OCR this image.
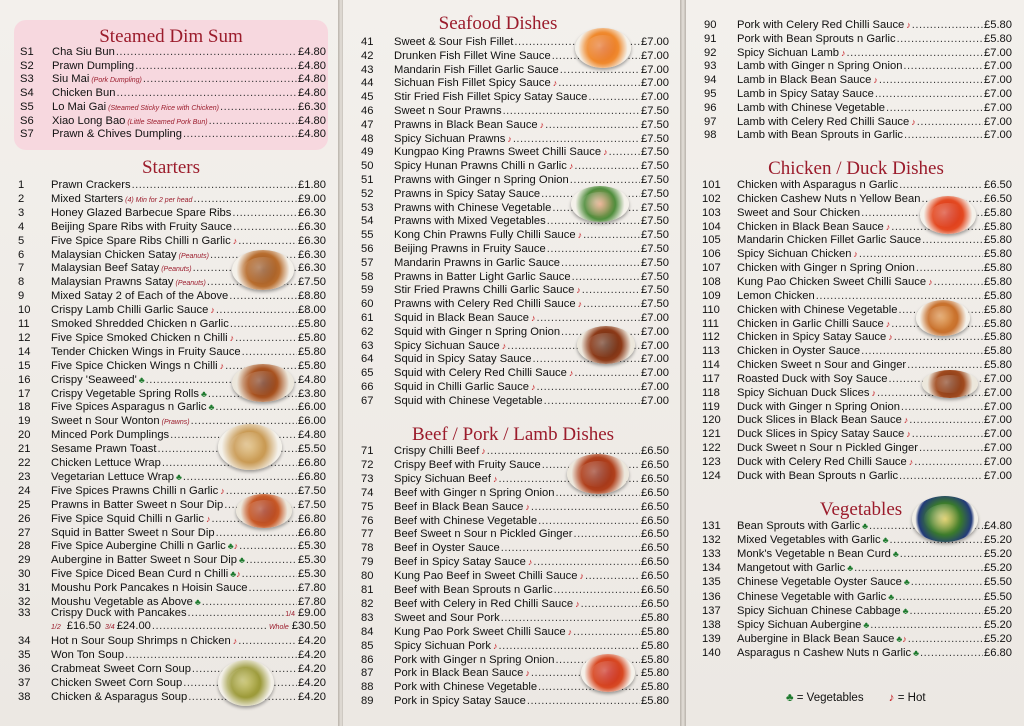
Steamed Dim Sum
S1	Cha Siu Bun .....	£4.80
S2	Prawn Dumpling .....	£4.80
S3	Siu Mai (Pork Dumpling) .....	£4.80
S4	Chicken Bun .....	£4.80
S5	Lo Mai Gai (Steamed Sticky Rice with Chicken) .....	£6.30
S6	Xiao Long Bao (Little Steamed Pork Bun) .....	£4.80
S7	Prawn & Chives Dumpling .....	£4.80
Starters
1	Prawn Crackers .....	£1.80
2	Mixed Starters (4) Min for 2 per head .....	£9.00
3	Honey Glazed Barbecue Spare Ribs .....	£6.30
4	Beijing Spare Ribs with Fruity Sauce .....	£6.30
5	Five Spice Spare Ribs Chilli n Garlic ♪ .....	£6.30
6	Malaysian Chicken Satay (Peanuts) .....	£6.30
7	Malaysian Beef Satay (Peanuts) .....	£6.30
8	Malaysian Prawns Satay (Peanuts) .....	£7.50
9	Mixed Satay 2 of Each of the Above .....	£8.80
10	Crispy Lamb Chilli Garlic Sauce ♪ .....	£8.00
11	Smoked Shredded Chicken n Garlic .....	£5.80
12	Five Spice Smoked Chicken n Chilli ♪ .....	£5.80
14	Tender Chicken Wings in Fruity Sauce .....	£5.80
15	Five Spice Chicken Wings n Chilli ♪ .....	£5.80
16	Crispy 'Seaweed' ♣ .....	£4.80
17	Crispy Vegetable Spring Rolls ♣ .....	£3.80
18	Five Spices Asparagus n Garlic ♣ .....	£6.00
19	Sweet n Sour Wonton (Prawns) .....	£6.00
20	Minced Pork Dumplings .....	£4.80
21	Sesame Prawn Toast .....	£5.50
22	Chicken Lettuce Wrap .....	£6.80
23	Vegetarian Lettuce Wrap ♣ .....	£6.80
24	Five Spices Prawns Chilli n Garlic ♪ .....	£7.50
25	Prawns in Batter Sweet n Sour Dip .....	£7.50
26	Five Spice Squid Chilli n Garlic ♪ .....	£6.80
27	Squid in Batter Sweet n Sour Dip .....	£6.80
28	Five Spice Aubergine Chilli n Garlic ♣♪ .....	£5.30
29	Aubergine in Batter Sweet n Sour Dip ♣ .....	£5.30
30	Five Spice Diced Bean Curd n Chilli ♣♪ .....	£5.30
31	Moushu Pork Pancakes n Hoisin Sauce .....	£7.80
32	Moushu Vegetable as Above ♣ .....	£7.80
33	Crispy Duck with Pancakes .....	1/4 £9.00
1/2 £16.50 3/4 £24.00 .....	Whole £30.50
34	Hot n Sour Soup Shrimps n Chicken ♪ .....	£4.20
35	Won Ton Soup .....	£4.20
36	Crabmeat Sweet Corn Soup .....	£4.20
37	Chicken Sweet Corn Soup .....	£4.20
38	Chicken & Asparagus Soup .....	£4.20
Seafood Dishes
41	Sweet & Sour Fish Fillet .....	£7.00
42	Drunken Fish Fillet Wine Sauce .....	£7.00
43	Mandarin Fish Fillet Garlic Sauce .....	£7.00
44	Sichuan Fish Fillet Spicy Sauce ♪ .....	£7.00
45	Stir Fried Fish Fillet Spicy Satay Sauce .....	£7.00
46	Sweet n Sour Prawns .....	£7.50
47	Prawns in Black Bean Sauce ♪ .....	£7.50
48	Spicy Sichuan Prawns ♪ .....	£7.50
49	Kungpao King Prawns Sweet Chilli Sauce ♪ .....	£7.50
50	Spicy Hunan Prawns Chilli n Garlic ♪ .....	£7.50
51	Prawns with Ginger n Spring Onion .....	£7.50
52	Prawns in Spicy Satay Sauce .....	£7.50
53	Prawns with Chinese Vegetable .....	£7.50
54	Prawns with Mixed Vegetables .....	£7.50
55	Kong Chin Prawns Fully Chilli Sauce ♪ .....	£7.50
56	Beijing Prawns in Fruity Sauce .....	£7.50
57	Mandarin Prawns in Garlic Sauce .....	£7.50
58	Prawns in Batter Light Garlic Sauce .....	£7.50
59	Stir Fried Prawns Chilli Garlic Sauce ♪ .....	£7.50
60	Prawns with Celery Red Chilli Sauce ♪ .....	£7.50
61	Squid in Black Bean Sauce ♪ .....	£7.00
62	Squid with Ginger n Spring Onion .....	£7.00
63	Spicy Sichuan Sauce ♪ .....	£7.00
64	Squid in Spicy Satay Sauce .....	£7.00
65	Squid with Celery Red Chilli Sauce ♪ .....	£7.00
66	Squid in Chilli Garlic Sauce ♪ .....	£7.00
67	Squid with Chinese Vegetable .....	£7.00
Beef / Pork / Lamb Dishes
71	Crispy Chilli Beef ♪ .....	£6.50
72	Crispy Beef with Fruity Sauce .....	£6.50
73	Spicy Sichuan Beef ♪ .....	£6.50
74	Beef with Ginger n Spring Onion .....	£6.50
75	Beef in Black Bean Sauce ♪ .....	£6.50
76	Beef with Chinese Vegetable .....	£6.50
77	Beef Sweet n Sour n Pickled Ginger .....	£6.50
78	Beef in Oyster Sauce .....	£6.50
79	Beef in Spicy Satay Sauce ♪ .....	£6.50
80	Kung Pao Beef in Sweet Chilli Sauce ♪ .....	£6.50
81	Beef with Bean Sprouts n Garlic .....	£6.50
82	Beef with Celery in Red Chilli Sauce ♪ .....	£6.50
83	Sweet and Sour Pork .....	£5.80
84	Kung Pao Pork Sweet Chilli Sauce ♪ .....	£5.80
85	Spicy Sichuan Pork ♪ .....	£5.80
86	Pork with Ginger n Spring Onion .....	£5.80
87	Pork in Black Bean Sauce ♪ .....	£5.80
88	Pork with Chinese Vegetable .....	£5.80
89	Pork in Spicy Satay Sauce .....	£5.80
90	Pork with Celery Red Chilli Sauce ♪ .....	£5.80
91	Pork with Bean Sprouts n Garlic .....	£5.80
92	Spicy Sichuan Lamb ♪ .....	£7.00
93	Lamb with Ginger n Spring Onion .....	£7.00
94	Lamb in Black Bean Sauce ♪ .....	£7.00
95	Lamb in Spicy Satay Sauce .....	£7.00
96	Lamb with Chinese Vegetable .....	£7.00
97	Lamb with Celery Red Chilli Sauce ♪ .....	£7.00
98	Lamb with Bean Sprouts in Garlic .....	£7.00
Chicken / Duck Dishes
101	Chicken with Asparagus n Garlic .....	£6.50
102	Chicken Cashew Nuts n Yellow Bean .....	£6.50
103	Sweet and Sour Chicken .....	£5.80
104	Chicken in Black Bean Sauce ♪ .....	£5.80
105	Mandarin Chicken Fillet Garlic Sauce .....	£5.80
106	Spicy Sichuan Chicken ♪ .....	£5.80
107	Chicken with Ginger n Spring Onion .....	£5.80
108	Kung Pao Chicken Sweet Chilli Sauce ♪ .....	£5.80
109	Lemon Chicken .....	£5.80
110	Chicken with Chinese Vegetable .....	£5.80
111	Chicken in Garlic Chilli Sauce ♪ .....	£5.80
112	Chicken in Spicy Satay Sauce ♪ .....	£5.80
113	Chicken in Oyster Sauce .....	£5.80
114	Chicken Sweet n Sour and Ginger .....	£5.80
117	Roasted Duck with Soy Sauce .....	£7.00
118	Spicy Sichuan Duck Slices ♪ .....	£7.00
119	Duck with Ginger n Spring Onion .....	£7.00
120	Duck Slices in Black Bean Sauce ♪ .....	£7.00
121	Duck Slices in Spicy Satay Sauce ♪ .....	£7.00
122	Duck Sweet n Sour n Pickled Ginger .....	£7.00
123	Duck with Celery Red Chilli Sauce ♪ .....	£7.00
124	Duck with Bean Sprouts n Garlic .....	£7.00
Vegetables
131	Bean Sprouts with Garlic ♣ .....	£4.80
132	Mixed Vegetables with Garlic ♣ .....	£5.20
133	Monk's Vegetable n Bean Curd ♣ .....	£5.20
134	Mangetout with Garlic ♣ .....	£5.20
135	Chinese Vegetable Oyster Sauce ♣ .....	£5.50
136	Chinese Vegetable with Garlic ♣ .....	£5.50
137	Spicy Sichuan Chinese Cabbage ♣ .....	£5.20
138	Spicy Sichuan Aubergine ♣ .....	£5.20
139	Aubergine in Black Bean Sauce ♣♪ .....	£5.20
140	Asparagus n Cashew Nuts n Garlic ♣ .....	£6.80
♣ = Vegetables ♪ = Hot
